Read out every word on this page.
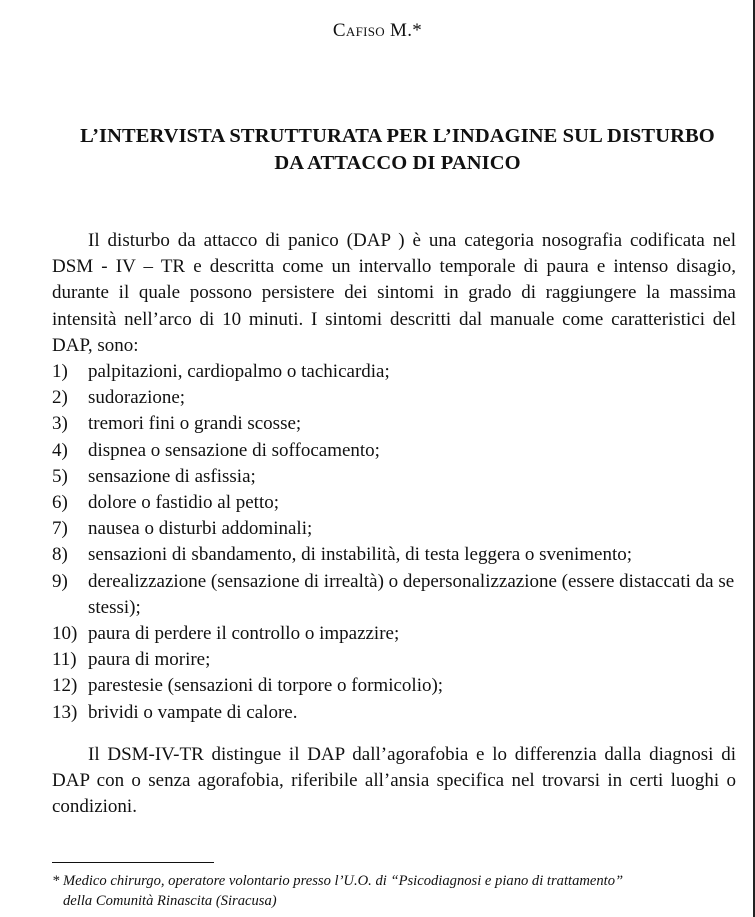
Cafiso M.*
L’INTERVISTA STRUTTURATA PER L’INDAGINE SUL DISTURBO
DA ATTACCO DI PANICO

Il disturbo da attacco di panico (DAP ) è una categoria nosografia codificata nel DSM - IV – TR e descritta come un intervallo temporale di paura e intenso disagio, durante il quale possono persistere dei sintomi in grado di raggiungere la massima intensità nell’arco di 10 minuti. I sintomi descritti dal manuale come caratteristici del DAP, sono:

1) palpitazioni, cardiopalmo o tachicardia;
2) sudorazione;
3) tremori fini o grandi scosse;
4) dispnea o sensazione di soffocamento;
5) sensazione di asfissia;
6) dolore o fastidio al petto;
7) nausea o disturbi addominali;
8) sensazioni di sbandamento, di instabilità, di testa leggera o svenimento;
9) derealizzazione (sensazione di irrealtà) o depersonalizzazione (essere distaccati da se stessi);
10) paura di perdere il controllo o impazzire;
11) paura di morire;
12) parestesie (sensazioni di torpore o formicolio);
13) brividi o vampate di calore.

Il DSM-IV-TR distingue il DAP dall’agorafobia e lo differenzia dalla diagnosi di DAP con o senza agorafobia, riferibile all’ansia specifica nel trovarsi in certi luoghi o condizioni.

* Medico chirurgo, operatore volontario presso l’U.O. di “Psicodiagnosi e piano di trattamento”
della Comunità Rinascita (Siracusa)
